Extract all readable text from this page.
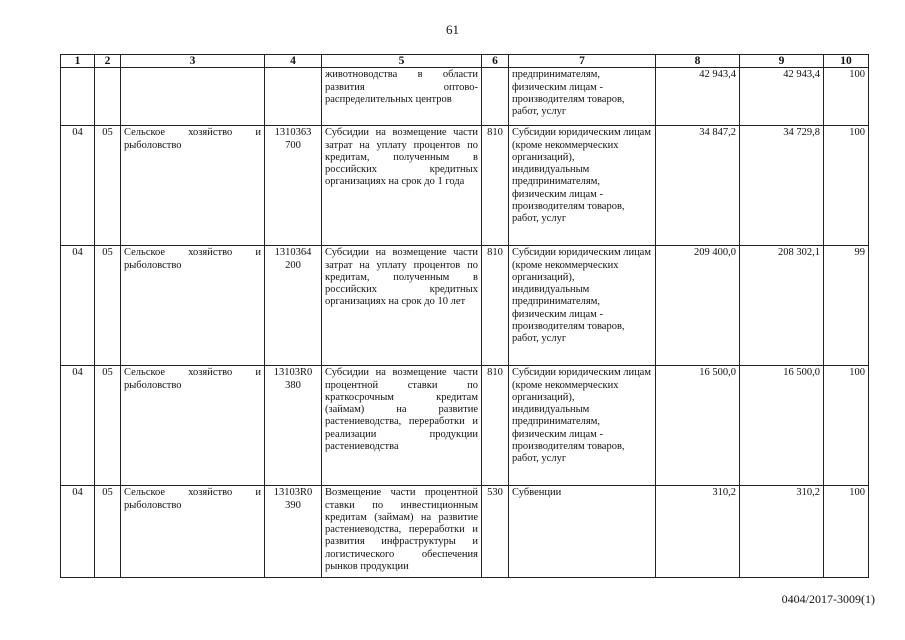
61
1	2	3	4	5	6	7	8	9	10
				животноводства в области развития оптово-распределительных центров		предпринимателям, физическим лицам - производителям товаров, работ, услуг	42 943,4	42 943,4	100
04	05	Сельское хозяйство и рыболовство	1310363 700	Субсидии на возмещение части затрат на уплату процентов по кредитам, полученным в российских кредитных организациях на срок до 1 года	810	Субсидии юридическим лицам (кроме некоммерческих организаций), индивидуальным предпринимателям, физическим лицам - производителям товаров, работ, услуг	34 847,2	34 729,8	100
04	05	Сельское хозяйство и рыболовство	1310364 200	Субсидии на возмещение части затрат на уплату процентов по кредитам, полученным в российских кредитных организациях на срок до 10 лет	810	Субсидии юридическим лицам (кроме некоммерческих организаций), индивидуальным предпринимателям, физическим лицам - производителям товаров, работ, услуг	209 400,0	208 302,1	99
04	05	Сельское хозяйство и рыболовство	13103R0 380	Субсидии на возмещение части процентной ставки по краткосрочным кредитам (займам) на развитие растениеводства, переработки и реализации продукции растениеводства	810	Субсидии юридическим лицам (кроме некоммерческих организаций), индивидуальным предпринимателям, физическим лицам - производителям товаров, работ, услуг	16 500,0	16 500,0	100
04	05	Сельское хозяйство и рыболовство	13103R0 390	Возмещение части процентной ставки по инвестиционным кредитам (займам) на развитие растениеводства, переработки и развития инфраструктуры и логистического обеспечения рынков продукции	530	Субвенции	310,2	310,2	100
0404/2017-3009(1)
